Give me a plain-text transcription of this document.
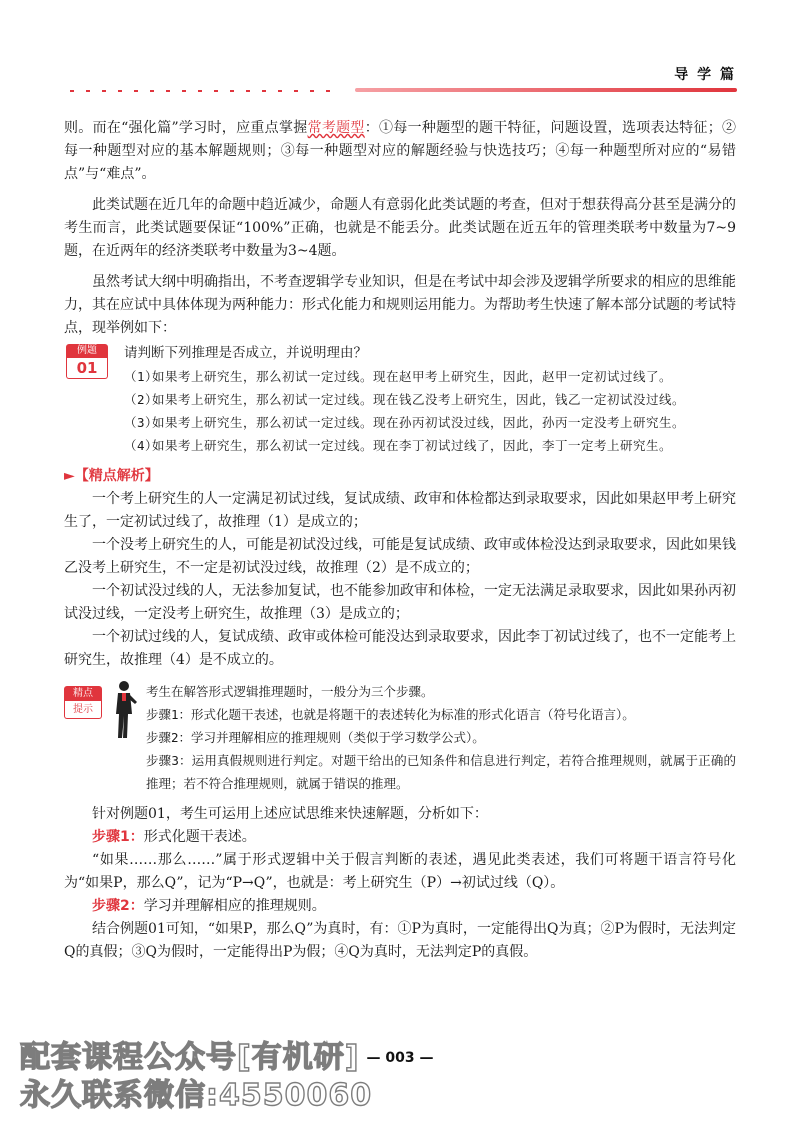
导 学 篇

则。而在“强化篇”学习时，应重点掌握常考题型：①每一种题型的题干特征，问题设置，选项表达特征；②每一种题型对应的基本解题规则；③每一种题型对应的解题经验与快选技巧；④每一种题型所对应的“易错点”与“难点”。

此类试题在近几年的命题中趋近减少，命题人有意弱化此类试题的考查，但对于想获得高分甚至是满分的考生而言，此类试题要保证“100%”正确，也就是不能丢分。此类试题在近五年的管理类联考中数量为7~9题，在近两年的经济类联考中数量为3~4题。

虽然考试大纲中明确指出，不考查逻辑学专业知识，但是在考试中却会涉及逻辑学所要求的相应的思维能力，其在应试中具体体现为两种能力：形式化能力和规则运用能力。为帮助考生快速了解本部分试题的考试特点，现举例如下：

例题
01

请判断下列推理是否成立，并说明理由？

（1）
如果考上研究生，那么初试一定过线。现在赵甲考上研究生，因此，赵甲一定初试过线了。
（2）
如果考上研究生，那么初试一定过线。现在钱乙没考上研究生，因此，钱乙一定初试没过线。
（3）
如果考上研究生，那么初试一定过线。现在孙丙初试没过线，因此，孙丙一定没考上研究生。
（4）
如果考上研究生，那么初试一定过线。现在李丁初试过线了，因此，李丁一定考上研究生。
►【精点解析】

一个考上研究生的人一定满足初试过线，复试成绩、政审和体检都达到录取要求，因此如果赵甲考上研究生了，一定初试过线了，故推理（1）是成立的；

一个没考上研究生的人，可能是初试没过线，可能是复试成绩、政审或体检没达到录取要求，因此如果钱乙没考上研究生，不一定是初试没过线，故推理（2）是不成立的；

一个初试没过线的人，无法参加复试，也不能参加政审和体检，一定无法满足录取要求，因此如果孙丙初试没过线，一定没考上研究生，故推理（3）是成立的；

一个初试过线的人，复试成绩、政审或体检可能没达到录取要求，因此李丁初试过线了，也不一定能考上研究生，故推理（4）是不成立的。

精点
提示

考生在解答形式逻辑推理题时，一般分为三个步骤。

步骤1：形式化题干表述，也就是将题干的表述转化为标准的形式化语言（符号化语言）。

步骤2：学习并理解相应的推理规则（类似于学习数学公式）。

步骤3：运用真假规则进行判定。对题干给出的已知条件和信息进行判定，若符合推理规则，就属于正确的推理；若不符合推理规则，就属于错误的推理。

针对例题01，考生可运用上述应试思维来快速解题，分析如下：

步骤1：形式化题干表述。

“如果……那么……”属于形式逻辑中关于假言判断的表述，遇见此类表述，我们可将题干语言符号化为“如果P，那么Q”，记为“P→Q”，也就是：考上研究生（P）→初试过线（Q）。

步骤2：学习并理解相应的推理规则。

结合例题01可知，“如果P，那么Q”为真时，有：①P为真时，一定能得出Q为真；②P为假时，无法判定Q的真假；③Q为假时，一定能得出P为假；④Q为真时，无法判定P的真假。

— 003 —
配套课程公众号[有机研]
永久联系微信:4550060
